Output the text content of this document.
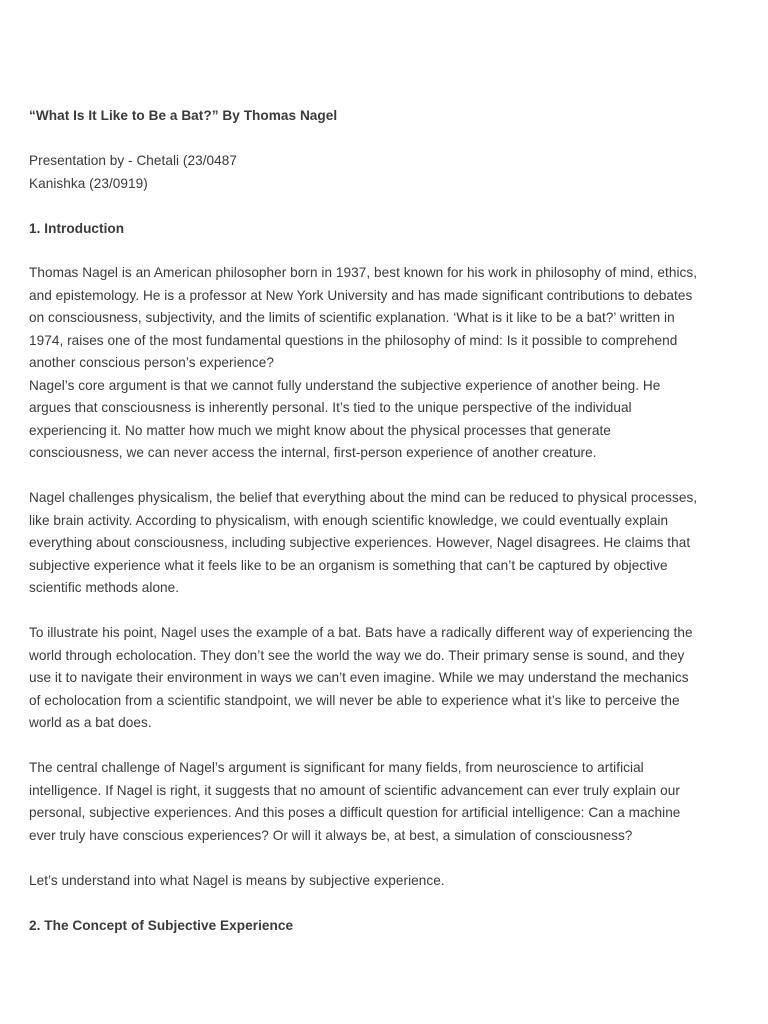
“What Is It Like to Be a Bat?” By Thomas Nagel
Presentation by - Chetali (23/0487
Kanishka (23/0919)
1. Introduction
Thomas Nagel is an American philosopher born in 1937, best known for his work in philosophy of mind, ethics,
and epistemology. He is a professor at New York University and has made significant contributions to debates
on consciousness, subjectivity, and the limits of scientific explanation. ‘What is it like to be a bat?’ written in
1974, raises one of the most fundamental questions in the philosophy of mind: Is it possible to comprehend
another conscious person’s experience?
Nagel’s core argument is that we cannot fully understand the subjective experience of another being. He
argues that consciousness is inherently personal. It’s tied to the unique perspective of the individual
experiencing it. No matter how much we might know about the physical processes that generate
consciousness, we can never access the internal, first-person experience of another creature.
Nagel challenges physicalism, the belief that everything about the mind can be reduced to physical processes,
like brain activity. According to physicalism, with enough scientific knowledge, we could eventually explain
everything about consciousness, including subjective experiences. However, Nagel disagrees. He claims that
subjective experience what it feels like to be an organism is something that can’t be captured by objective
scientific methods alone.
To illustrate his point, Nagel uses the example of a bat. Bats have a radically different way of experiencing the
world through echolocation. They don’t see the world the way we do. Their primary sense is sound, and they
use it to navigate their environment in ways we can’t even imagine. While we may understand the mechanics
of echolocation from a scientific standpoint, we will never be able to experience what it’s like to perceive the
world as a bat does.
The central challenge of Nagel’s argument is significant for many fields, from neuroscience to artificial
intelligence. If Nagel is right, it suggests that no amount of scientific advancement can ever truly explain our
personal, subjective experiences. And this poses a difficult question for artificial intelligence: Can a machine
ever truly have conscious experiences? Or will it always be, at best, a simulation of consciousness?
Let’s understand into what Nagel is means by subjective experience.
2. The Concept of Subjective Experience
